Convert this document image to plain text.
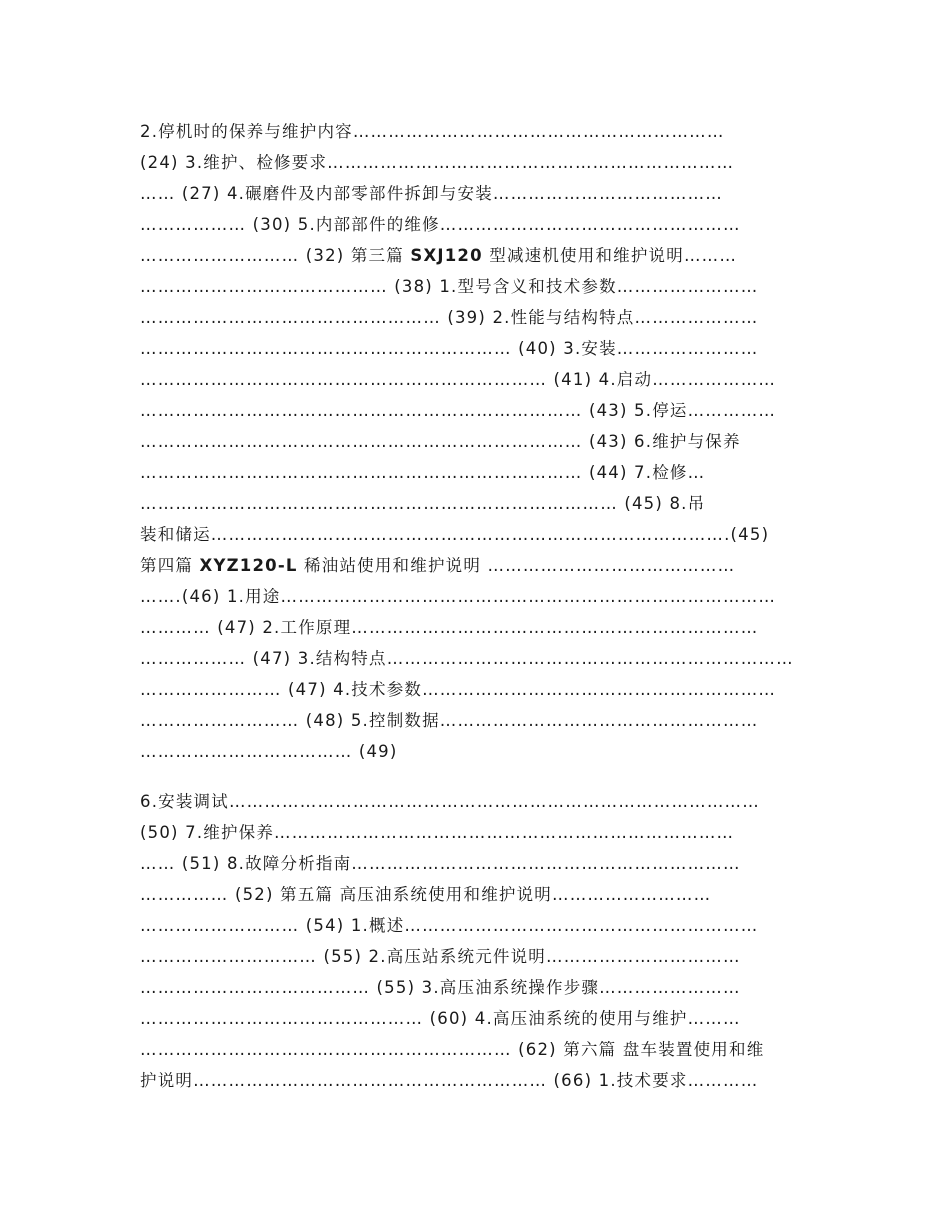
2.停机时的保养与维护内容………………………………………………………
(24) 3.维护、检修要求……………………………………………………………
…… (27) 4.碾磨件及内部零部件拆卸与安装…………………………………
……………… (30) 5.内部部件的维修……………………………………………
……………………… (32) 第三篇 SXJ120 型减速机使用和维护说明………
…………………………………… (38) 1.型号含义和技术参数……………………
…………………………………………… (39) 2.性能与结构特点…………………
……………………………………………………… (40) 3.安装……………………
…………………………………………………………… (41) 4.启动…………………
………………………………………………………………… (43) 5.停运……………
………………………………………………………………… (43) 6.维护与保养
………………………………………………………………… (44) 7.检修…
……………………………………………………………………… (45) 8.吊
装和储运…………………………………………………………………………….(45)
第四篇 XYZ120-L 稀油站使用和维护说明 ……………………………………
…….(46) 1.用途…………………………………………………………………………
………… (47) 2.工作原理……………………………………………………………
……………… (47) 3.结构特点……………………………………………………………
…………………… (47) 4.技术参数……………………………………………………
……………………… (48) 5.控制数据………………………………………………
……………………………… (49)
6.安装调试………………………………………………………………………………
(50) 7.维护保养……………………………………………………………………
…… (51) 8.故障分析指南…………………………………………………………
…………… (52) 第五篇 高压油系统使用和维护说明………………………
……………………… (54) 1.概述……………………………………………………
………………………… (55) 2.高压站系统元件说明……………………………
………………………………… (55) 3.高压油系统操作步骤……………………
………………………………………… (60) 4.高压油系统的使用与维护………
……………………………………………………… (62) 第六篇 盘车装置使用和维
护说明…………………………………………………… (66) 1.技术要求…………
